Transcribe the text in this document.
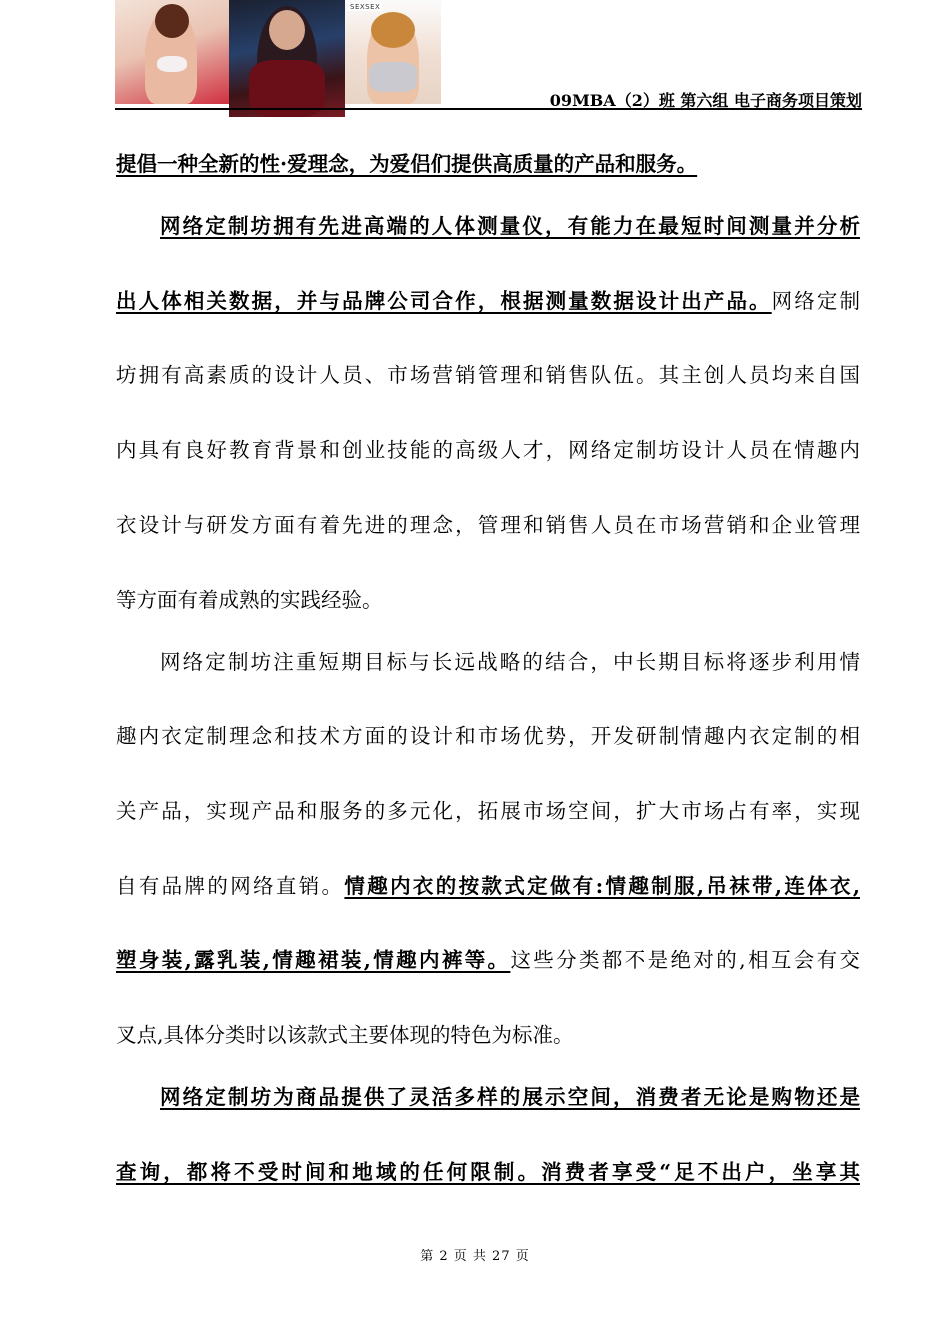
SEXSEX
09MBA（2）班 第六组 电子商务项目策划
提倡一种全新的性·爱理念，为爱侣们提供高质量的产品和服务。
网络定制坊拥有先进高端的人体测量仪，有能力在最短时间测量并分析
出人体相关数据，并与品牌公司合作，根据测量数据设计出产品。网络定制
坊拥有高素质的设计人员、市场营销管理和销售队伍。其主创人员均来自国
内具有良好教育背景和创业技能的高级人才，网络定制坊设计人员在情趣内
衣设计与研发方面有着先进的理念，管理和销售人员在市场营销和企业管理
等方面有着成熟的实践经验。
网络定制坊注重短期目标与长远战略的结合，中长期目标将逐步利用情
趣内衣定制理念和技术方面的设计和市场优势，开发研制情趣内衣定制的相
关产品，实现产品和服务的多元化，拓展市场空间，扩大市场占有率，实现
自有品牌的网络直销。情趣内衣的按款式定做有:情趣制服,吊袜带,连体衣,
塑身装,露乳装,情趣裙装,情趣内裤等。这些分类都不是绝对的,相互会有交
叉点,具体分类时以该款式主要体现的特色为标准。
网络定制坊为商品提供了灵活多样的展示空间，消费者无论是购物还是
查询，都将不受时间和地域的任何限制。消费者享受“足不出户，坐享其
第 2 页 共 27 页
